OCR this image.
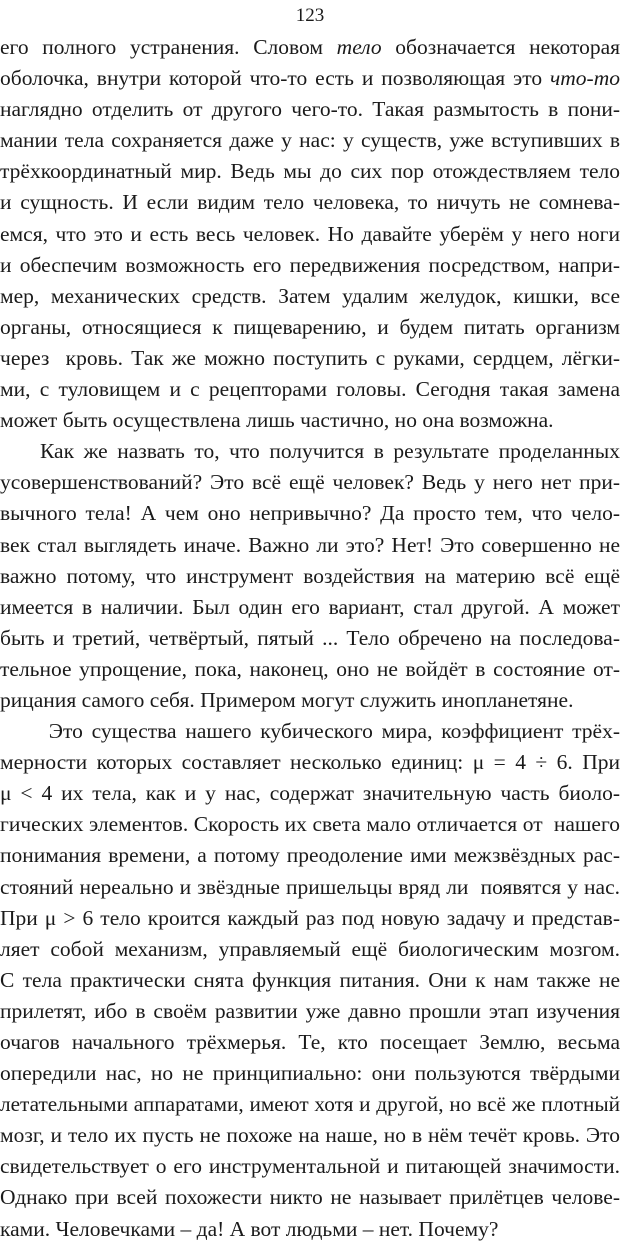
123
его полного устранения. Словом тело обозначается некоторая
оболочка, внутри которой что-то есть и позволяющая это что-то
наглядно отделить от другого чего-то. Такая размытость в пони-
мании тела сохраняется даже у нас: у существ, уже вступивших в
трёхкоординатный мир. Ведь мы до сих пор отождествляем тело
и сущность. И если видим тело человека, то ничуть не сомнева-
емся, что это и есть весь человек. Но давайте уберём у него ноги
и обеспечим возможность его передвижения посредством, напри-
мер, механических средств. Затем удалим желудок, кишки, все
органы, относящиеся к пищеварению, и будем питать организм
через  кровь. Так же можно поступить с руками, сердцем, лёгки-
ми, с туловищем и с рецепторами головы. Сегодня такая замена
может быть осуществлена лишь частично, но она возможна.
Как же назвать то, что получится в результате проделанных
усовершенствований? Это всё ещё человек? Ведь у него нет при-
вычного тела! А чем оно непривычно? Да просто тем, что чело-
век стал выглядеть иначе. Важно ли это? Нет! Это совершенно не
важно потому, что инструмент воздействия на материю всё ещё
имеется в наличии. Был один его вариант, стал другой. А может
быть и третий, четвёртый, пятый ... Тело обречено на последова-
тельное упрощение, пока, наконец, оно не войдёт в состояние от-
рицания самого себя. Примером могут служить инопланетяне.
Это существа нашего кубического мира, коэффициент трёх-
мерности которых составляет несколько единиц: μ = 4 ÷ 6. При
μ < 4 их тела, как и у нас, содержат значительную часть биоло-
гических элементов. Скорость их света мало отличается от  нашего
понимания времени, а потому преодоление ими межзвёздных рас-
стояний нереально и звёздные пришельцы вряд ли  появятся у нас.
При μ > 6 тело кроится каждый раз под новую задачу и представ-
ляет собой механизм, управляемый ещё биологическим мозгом.
С тела практически снята функция питания. Они к нам также не
прилетят, ибо в своём развитии уже давно прошли этап изучения
очагов начального трёхмерья. Те, кто посещает Землю, весьма
опередили нас, но не принципиально: они пользуются твёрдыми
летательными аппаратами, имеют хотя и другой, но всё же плотный
мозг, и тело их пусть не похоже на наше, но в нём течёт кровь. Это
свидетельствует о его инструментальной и питающей значимости.
Однако при всей похожести никто не называет прилётцев челове-
ками. Человечками – да! А вот людьми – нет. Почему?
